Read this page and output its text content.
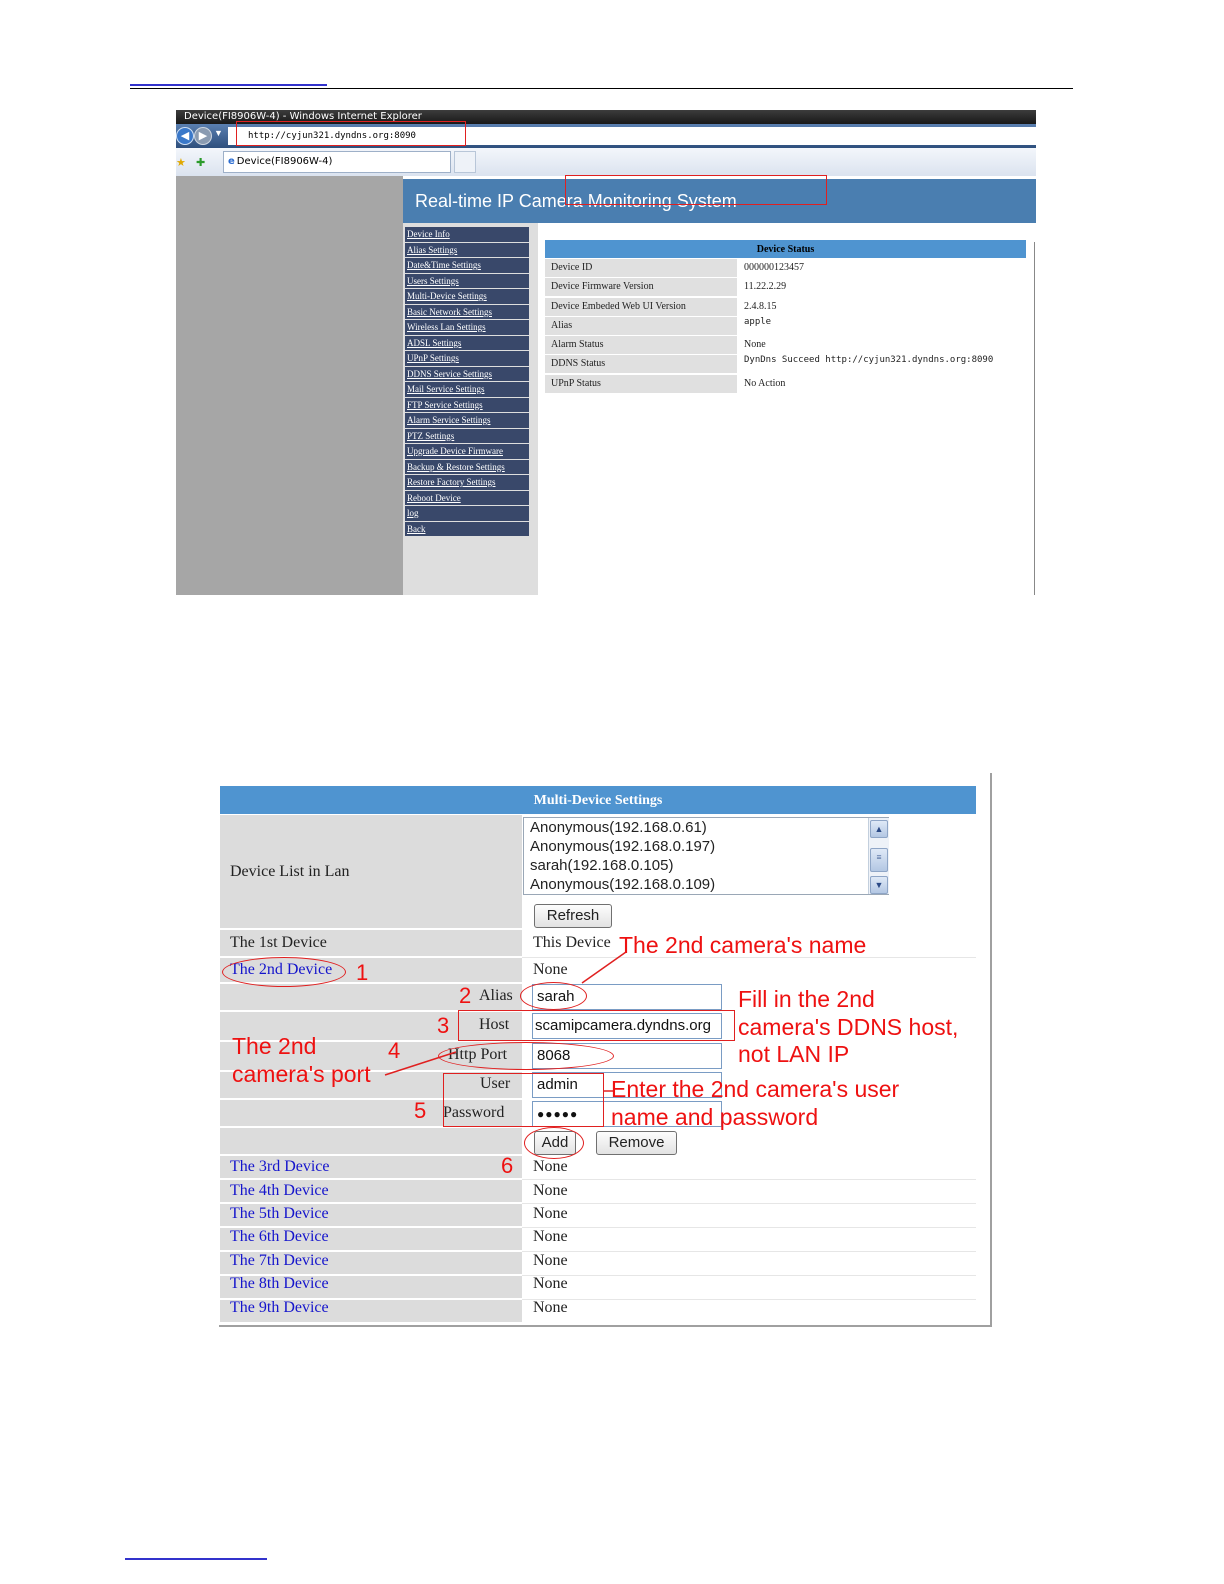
Device(FI8906W-4) - Windows Internet Explorer
◀ ▶ ▼	http://cyjun321.dyndns.org:8090
★ ✚	e Device(FI8906W-4)
Real-time IP Camera Monitoring System
Device Info
Alias Settings
Date&Time Settings
Users Settings
Multi-Device Settings
Basic Network Settings
Wireless Lan Settings
ADSL Settings
UPnP Settings
DDNS Service Settings
Mail Service Settings
FTP Service Settings
Alarm Service Settings
PTZ Settings
Upgrade Device Firmware
Backup & Restore Settings
Restore Factory Settings
Reboot Device
log
Back
Device Status
Device ID	000000123457
Device Firmware Version	11.22.2.29
Device Embeded Web UI Version	2.4.8.15
Alias	apple
Alarm Status	None
DDNS Status	DynDns Succeed http://cyjun321.dyndns.org:8090
UPnP Status	No Action
Multi-Device Settings
Device List in Lan
Anonymous(192.168.0.61)
Anonymous(192.168.0.197)
sarah(192.168.0.105)
Anonymous(192.168.0.109)
▲
≡
▼
Refresh
The 1st Device	This Device
The 2nd Device	None
Alias	sarah
Host scamipcamera.dyndns.org
Http Port	8068
User	admin
Password	●●●●●
Add	Remove
The 3rd Device	None
The 4th Device	None
The 5th Device	None
The 6th Device	None
The 7th Device	None
The 8th Device	None
The 9th Device	None
1
2
3
4
5
6
The 2nd camera's name
Fill in the 2nd
camera's DDNS host,
not LAN IP
The 2nd
camera's port
Enter the 2nd camera's user
name and password
